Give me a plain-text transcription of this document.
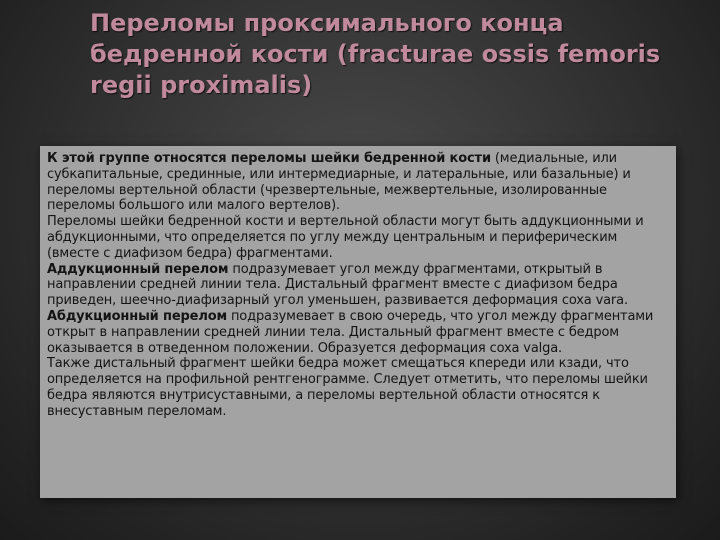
Переломы проксимального конца бедренной кости (fracturae ossis femoris regii proximalis)

К этой группе относятся переломы шейки бедренной кости (медиальные, или субкапитальные, срединные, или интермедиарные, и латеральные, или базальные) и переломы вертельной области (чрезвертельные, межвертельные, изолированные переломы большого или малого вертелов).

Переломы шейки бедренной кости и вертельной области могут быть аддукционными и абдукционными, что определяется по углу между центральным и периферическим (вместе с диафизом бедра) фрагментами.

Аддукционный перелом подразумевает угол между фрагментами, открытый в направлении средней линии тела. Дистальный фрагмент вместе с диафизом бедра приведен, шеечно-диафизарный угол уменьшен, развивается деформация coxa vara.

Абдукционный перелом подразумевает в свою очередь, что угол между фрагментами открыт в направлении средней линии тела. Дистальный фрагмент вместе с бедром оказывается в отведенном положении. Образуется деформация coxa valga.

Также дистальный фрагмент шейки бедра может смещаться кпереди или кзади, что определяется на профильной рентгенограмме. Следует отметить, что переломы шейки бедра являются внутрисуставными, а переломы вертельной области относятся к внесуставным переломам.
